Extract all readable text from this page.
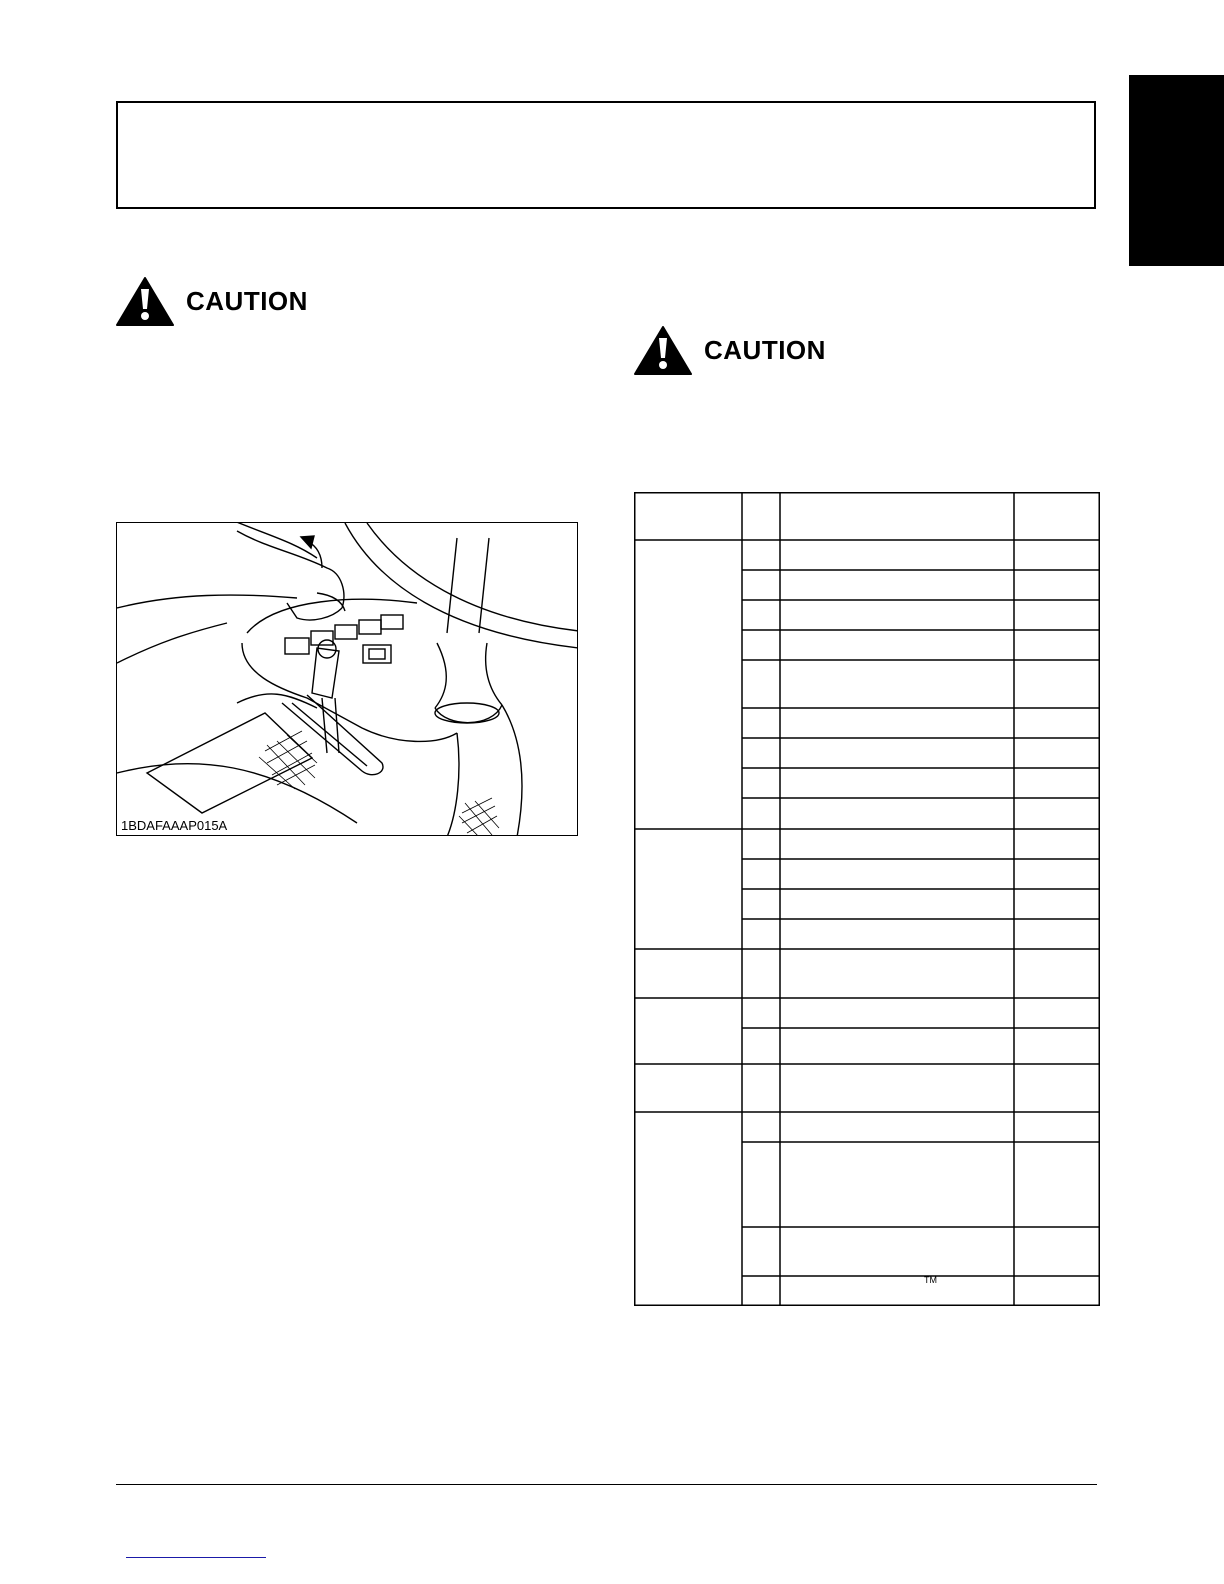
CAUTION
CAUTION
1BDAFAAAP015A
TM
